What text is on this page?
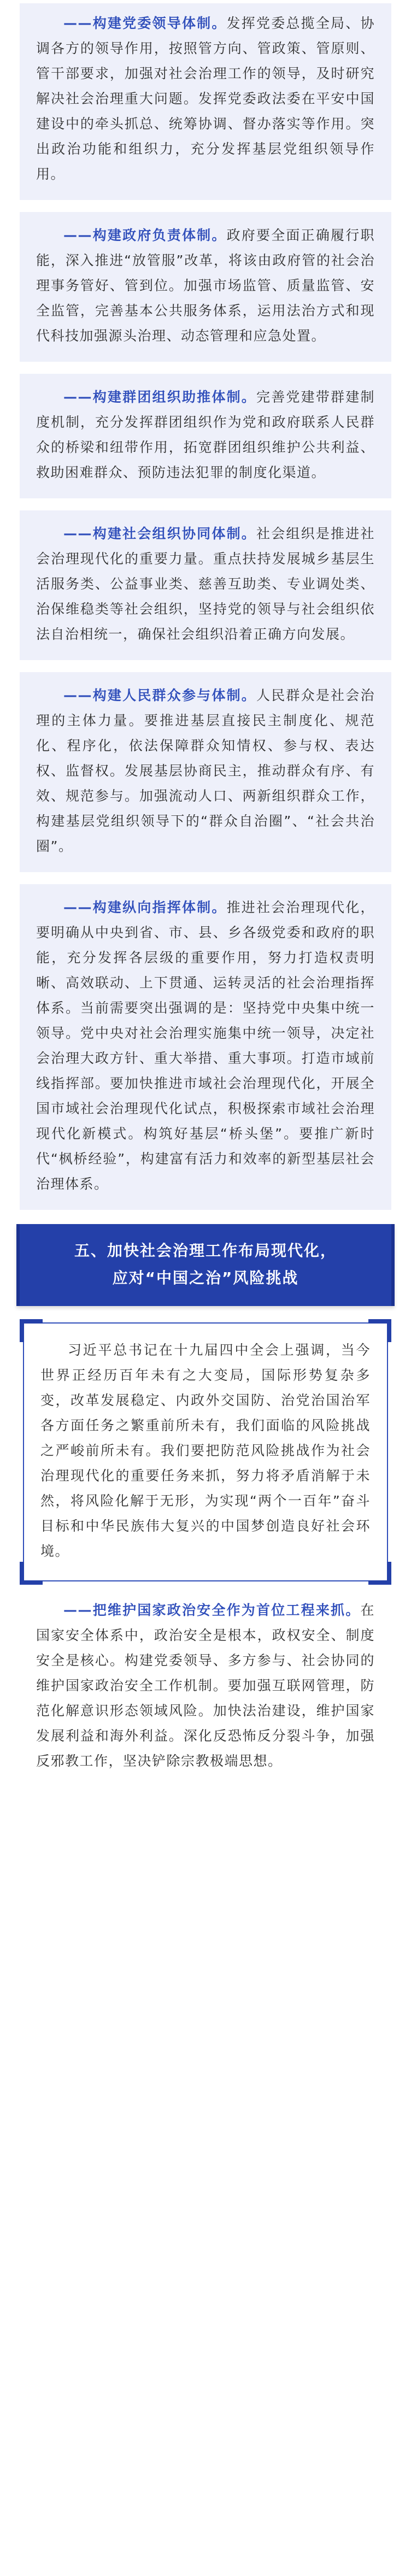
——构建党委领导体制。发挥党委总揽全局、协调各方的领导作用，按照管方向、管政策、管原则、管干部要求，加强对社会治理工作的领导，及时研究解决社会治理重大问题。发挥党委政法委在平安中国建设中的牵头抓总、统筹协调、督办落实等作用。突出政治功能和组织力，充分发挥基层党组织领导作用。

——构建政府负责体制。政府要全面正确履行职能，深入推进“放管服”改革，将该由政府管的社会治理事务管好、管到位。加强市场监管、质量监管、安全监管，完善基本公共服务体系，运用法治方式和现代科技加强源头治理、动态管理和应急处置。

——构建群团组织助推体制。完善党建带群建制度机制，充分发挥群团组织作为党和政府联系人民群众的桥梁和纽带作用，拓宽群团组织维护公共利益、救助困难群众、预防违法犯罪的制度化渠道。

——构建社会组织协同体制。社会组织是推进社会治理现代化的重要力量。重点扶持发展城乡基层生活服务类、公益事业类、慈善互助类、专业调处类、治保维稳类等社会组织，坚持党的领导与社会组织依法自治相统一，确保社会组织沿着正确方向发展。

——构建人民群众参与体制。人民群众是社会治理的主体力量。要推进基层直接民主制度化、规范化、程序化，依法保障群众知情权、参与权、表达权、监督权。发展基层协商民主，推动群众有序、有效、规范参与。加强流动人口、两新组织群众工作，构建基层党组织领导下的“群众自治圈”、“社会共治圈”。

——构建纵向指挥体制。推进社会治理现代化，要明确从中央到省、市、县、乡各级党委和政府的职能，充分发挥各层级的重要作用，努力打造权责明晰、高效联动、上下贯通、运转灵活的社会治理指挥体系。当前需要突出强调的是：坚持党中央集中统一领导。党中央对社会治理实施集中统一领导，决定社会治理大政方针、重大举措、重大事项。打造市域前线指挥部。要加快推进市域社会治理现代化，开展全国市域社会治理现代化试点，积极探索市域社会治理现代化新模式。构筑好基层“桥头堡”。要推广新时代“枫桥经验”，构建富有活力和效率的新型基层社会治理体系。

五、加快社会治理工作布局现代化，
应对“中国之治”风险挑战

习近平总书记在十九届四中全会上强调，当今世界正经历百年未有之大变局，国际形势复杂多变，改革发展稳定、内政外交国防、治党治国治军各方面任务之繁重前所未有，我们面临的风险挑战之严峻前所未有。我们要把防范风险挑战作为社会治理现代化的重要任务来抓，努力将矛盾消解于未然，将风险化解于无形，为实现“两个一百年”奋斗目标和中华民族伟大复兴的中国梦创造良好社会环境。

——把维护国家政治安全作为首位工程来抓。在国家安全体系中，政治安全是根本，政权安全、制度安全是核心。构建党委领导、多方参与、社会协同的维护国家政治安全工作机制。要加强互联网管理，防范化解意识形态领域风险。加快法治建设，维护国家发展利益和海外利益。深化反恐怖反分裂斗争，加强反邪教工作，坚决铲除宗教极端思想。
